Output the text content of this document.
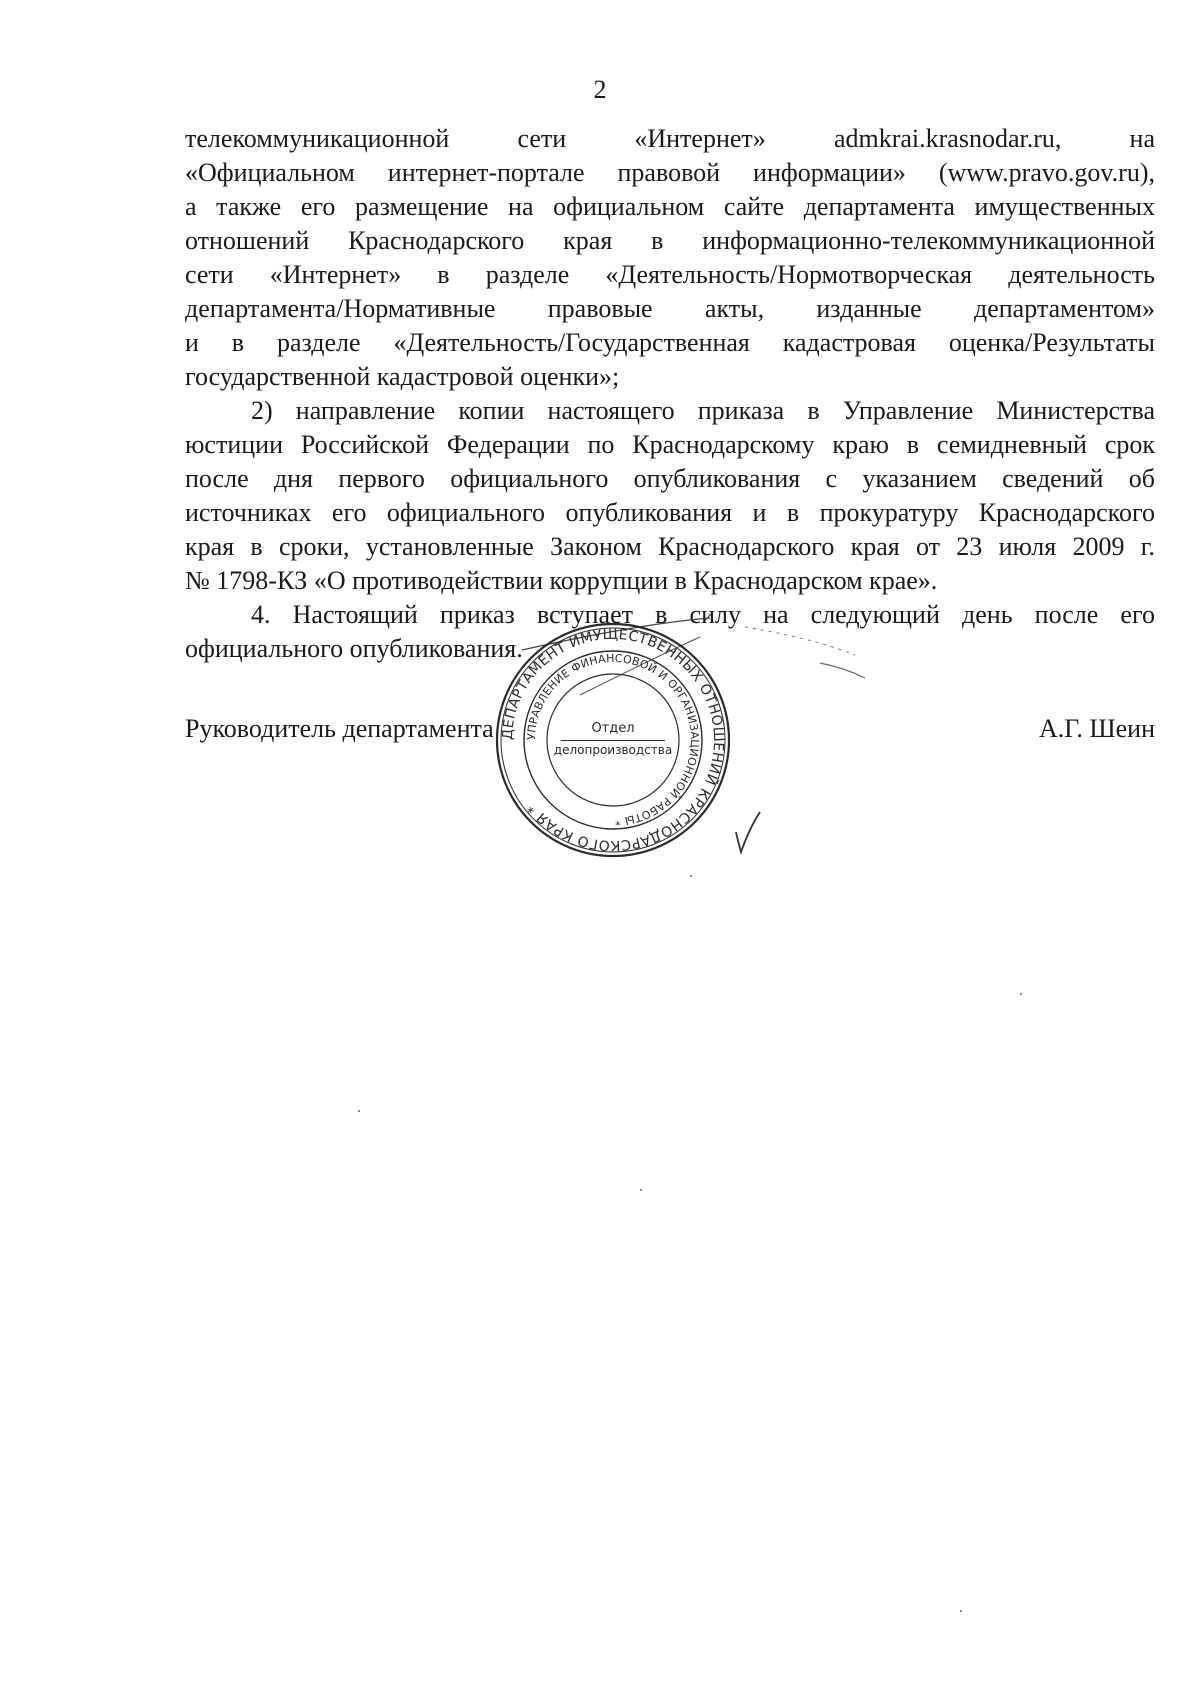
2

телекоммуникационной сети «Интернет» admkrai.krasnodar.ru, на
«Официальном интернет-портале правовой информации» (www.pravo.gov.ru),
а также его размещение на официальном сайте департамента имущественных
отношений Краснодарского края в информационно-телекоммуникационной
сети «Интернет» в разделе «Деятельность/Нормотворческая деятельность
департамента/Нормативные правовые акты, изданные департаментом»
и в разделе «Деятельность/Государственная кадастровая оценка/Результаты
государственной кадастровой оценки»;

2) направление копии настоящего приказа в Управление Министерства
юстиции Российской Федерации по Краснодарскому краю в семидневный срок
после дня первого официального опубликования с указанием сведений об
источниках его официального опубликования и в прокуратуру Краснодарского
края в сроки, установленные Законом Краснодарского края от 23 июля 2009 г.
№ 1798-КЗ «О противодействии коррупции в Краснодарском крае».

4. Настоящий приказ вступает в силу на следующий день после его
официального опубликования.

Руководитель департамента	А.Г. Шеин
ДЕПАРТАМЕНТ ИМУЩЕСТВЕННЫХ ОТНОШЕНИЙ КРАСНОДАРСКОГО КРАЯ *
УПРАВЛЕНИЕ ФИНАНСОВОЙ И ОРГАНИЗАЦИОННОЙ РАБОТЫ *
Отдел
делопроизводства
